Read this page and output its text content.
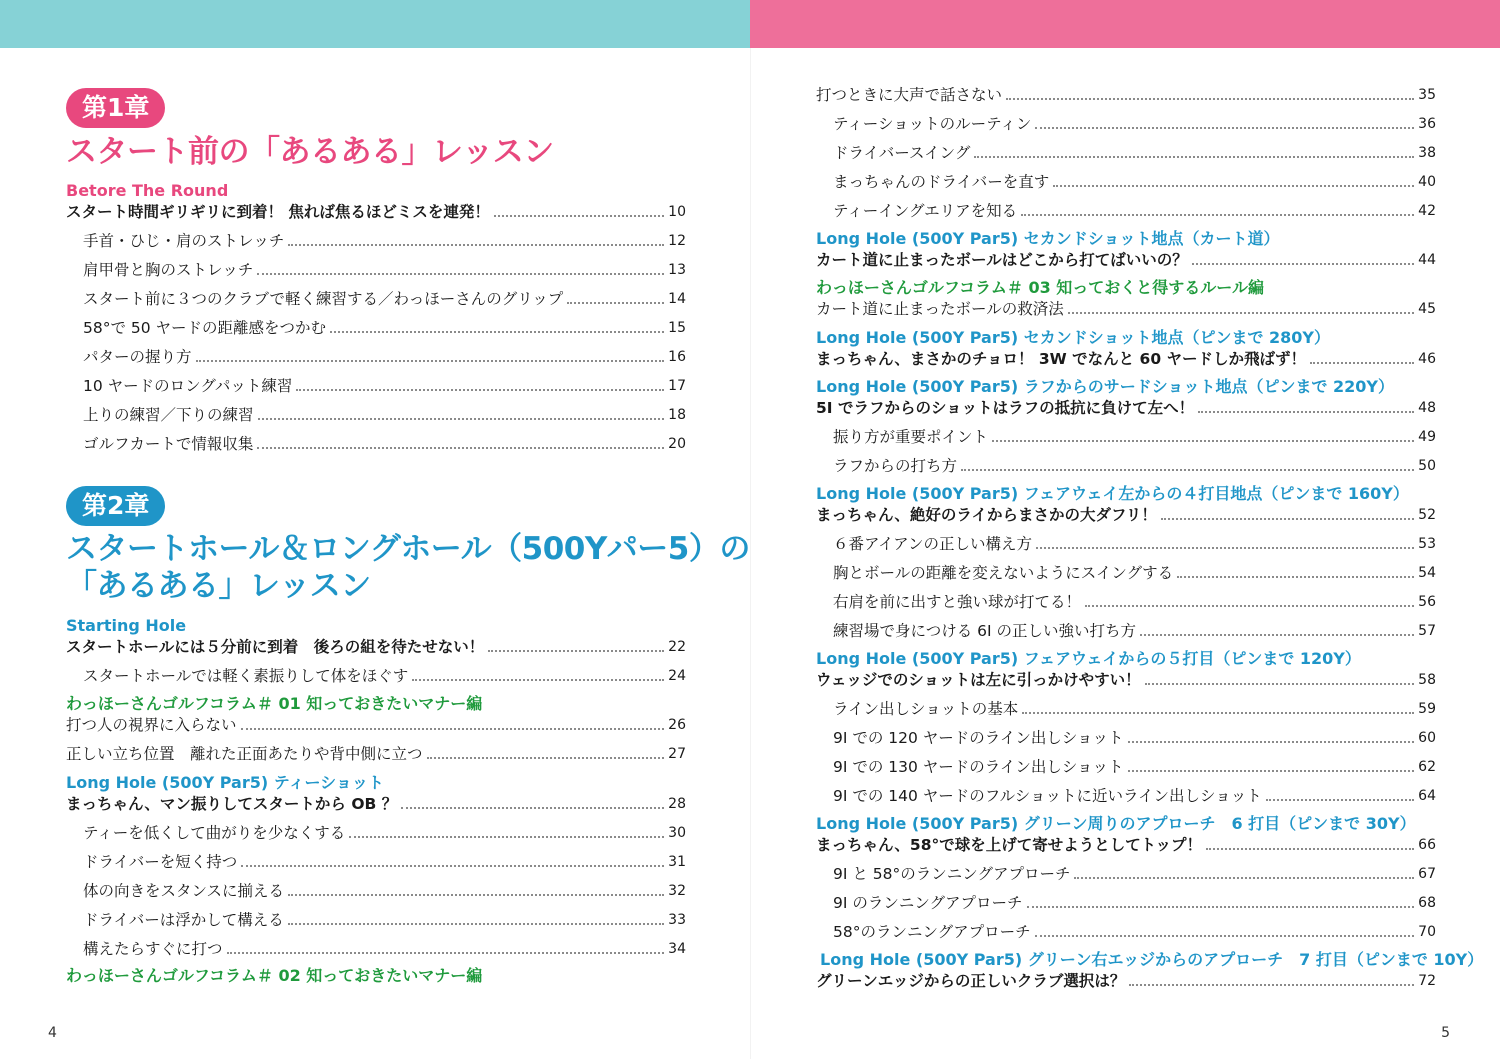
第1章
スタート前の「あるある」レッスン
第2章
スタートホール＆ロングホール（500Yパー5）の
「あるある」レッスン
Betore The Round
スタート時間ギリギリに到着！ 焦れば焦るほどミスを連発！	10
手首・ひじ・肩のストレッチ	12
肩甲骨と胸のストレッチ	13
スタート前に３つのクラブで軽く練習する／わっほーさんのグリップ	14
58°で 50 ヤードの距離感をつかむ	15
パターの握り方	16
10 ヤードのロングパット練習	17
上りの練習／下りの練習	18
ゴルフカートで情報収集	20
Starting Hole
スタートホールには５分前に到着　後ろの組を待たせない！	22
スタートホールでは軽く素振りして体をほぐす	24
わっほーさんゴルフコラム＃ 01 知っておきたいマナー編
打つ人の視界に入らない	26
正しい立ち位置　離れた正面あたりや背中側に立つ	27
Long Hole (500Y Par5) ティーショット
まっちゃん、マン振りしてスタートから OB ？	28
ティーを低くして曲がりを少なくする	30
ドライバーを短く持つ	31
体の向きをスタンスに揃える	32
ドライバーは浮かして構える	33
構えたらすぐに打つ	34
わっほーさんゴルフコラム＃ 02 知っておきたいマナー編
打つときに大声で話さない	35
ティーショットのルーティン	36
ドライバースイング	38
まっちゃんのドライバーを直す	40
ティーイングエリアを知る	42
Long Hole (500Y Par5) セカンドショット地点（カート道）
カート道に止まったボールはどこから打てばいいの？	44
わっほーさんゴルフコラム＃ 03 知っておくと得するルール編
カート道に止まったボールの救済法	45
Long Hole (500Y Par5) セカンドショット地点（ピンまで 280Y）
まっちゃん、まさかのチョロ！ 3W でなんと 60 ヤードしか飛ばず！	46
Long Hole (500Y Par5) ラフからのサードショット地点（ピンまで 220Y）
5I でラフからのショットはラフの抵抗に負けて左へ！	48
振り方が重要ポイント	49
ラフからの打ち方	50
Long Hole (500Y Par5) フェアウェイ左からの４打目地点（ピンまで 160Y）
まっちゃん、絶好のライからまさかの大ダフリ！	52
６番アイアンの正しい構え方	53
胸とボールの距離を変えないようにスイングする	54
右肩を前に出すと強い球が打てる！	56
練習場で身につける 6I の正しい強い打ち方	57
Long Hole (500Y Par5) フェアウェイからの５打目（ピンまで 120Y）
ウェッジでのショットは左に引っかけやすい！	58
ライン出しショットの基本	59
9I での 120 ヤードのライン出しショット	60
9I での 130 ヤードのライン出しショット	62
9I での 140 ヤードのフルショットに近いライン出しショット	64
Long Hole (500Y Par5) グリーン周りのアプローチ　6 打目（ピンまで 30Y）
まっちゃん、58°で球を上げて寄せようとしてトップ！	66
9I と 58°のランニングアプローチ	67
9I のランニングアプローチ	68
58°のランニングアプローチ	70
Long Hole (500Y Par5) グリーン右エッジからのアプローチ　7 打目（ピンまで 10Y）
グリーンエッジからの正しいクラブ選択は？	72
4	5
